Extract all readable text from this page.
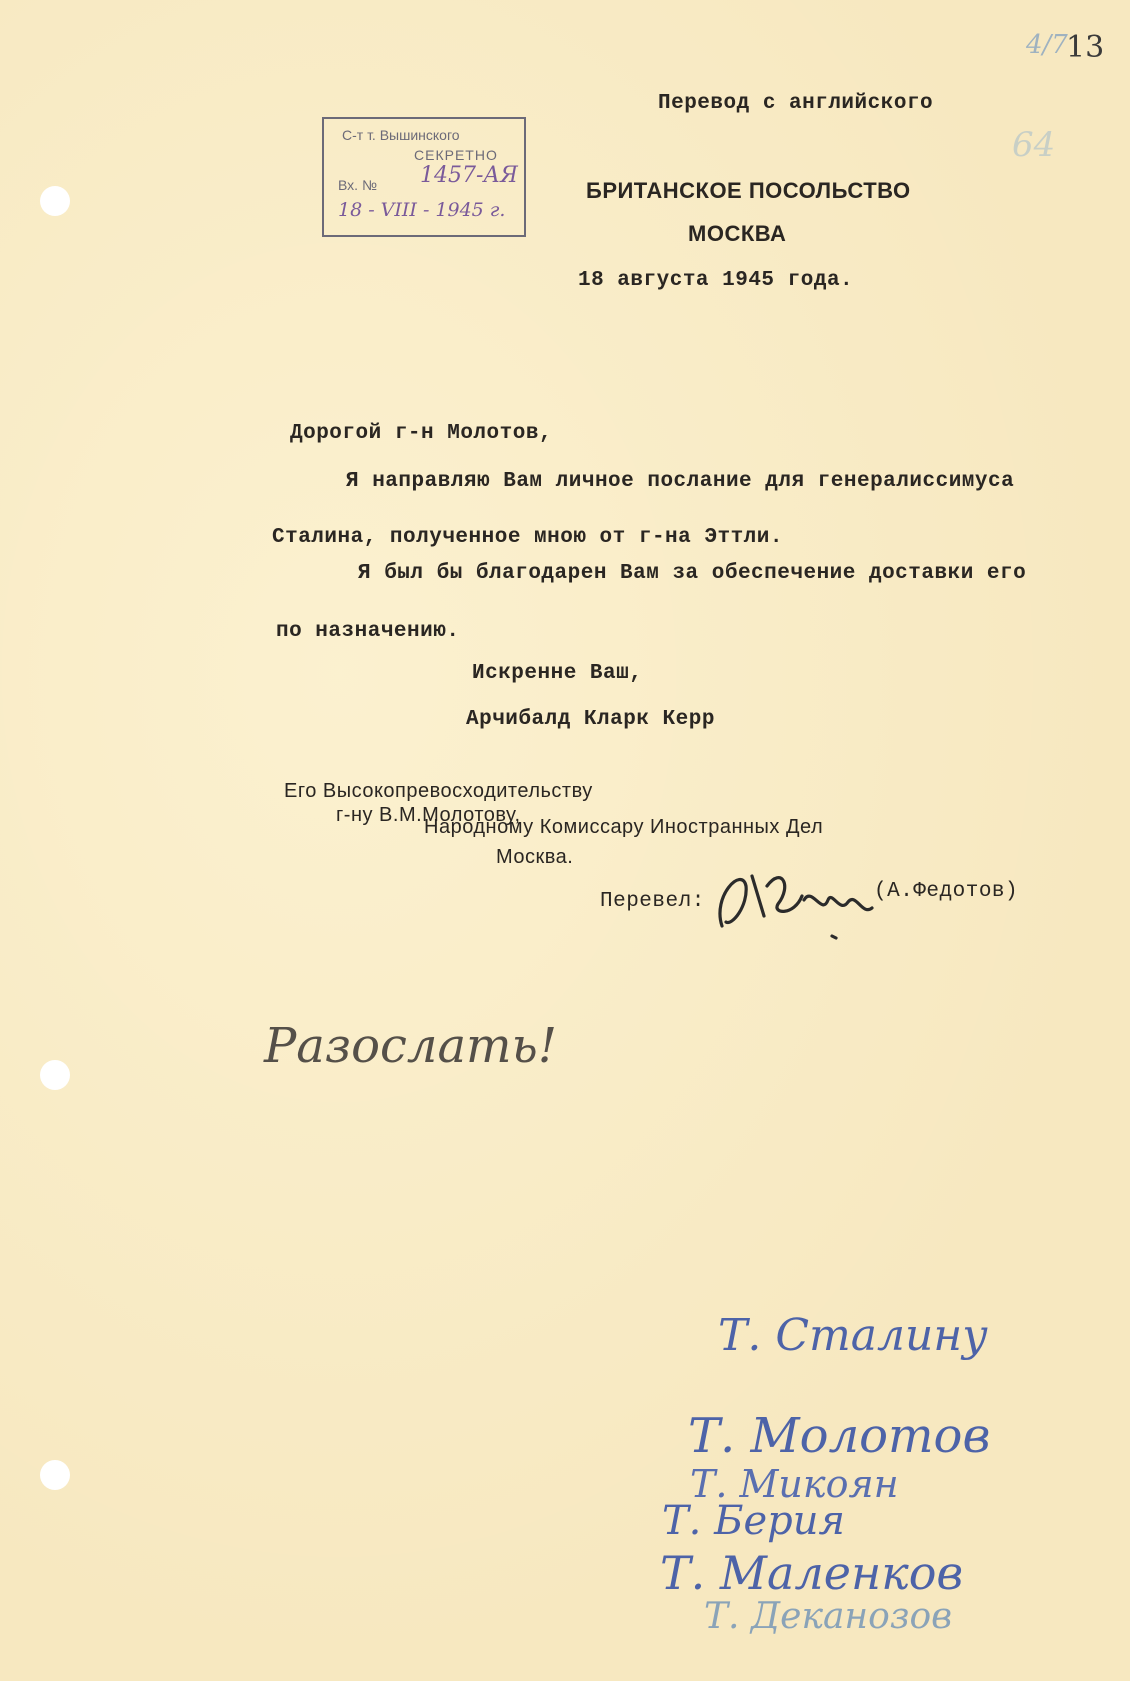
4/7
13
64
С-т т. Вышинского
СЕКРЕТНО
Вх. № 1457-АЯ
18 - VIII - 1945 г.
Перевод с английского
БРИТАНСКОЕ ПОСОЛЬСТВО
МОСКВА
18 августа 1945 года.
Дорогой г-н Молотов,
Я направляю Вам личное послание для генералиссимуса
Сталина, полученное мною от г-на Эттли.
Я был бы благодарен Вам за обеспечение доставки его
по назначению.
Искренне Ваш,
Арчибалд Кларк Керр
Его Высокопревосходительству
г-ну В.М.Молотову,
Народному Комиссару Иностранных Дел
Москва.
Перевел:	(А.Федотов)
Разослать!
Т. Сталину
Т. Молотов
Т. Микоян
Т. Берия
Т. Маленков
Т. Деканозов
